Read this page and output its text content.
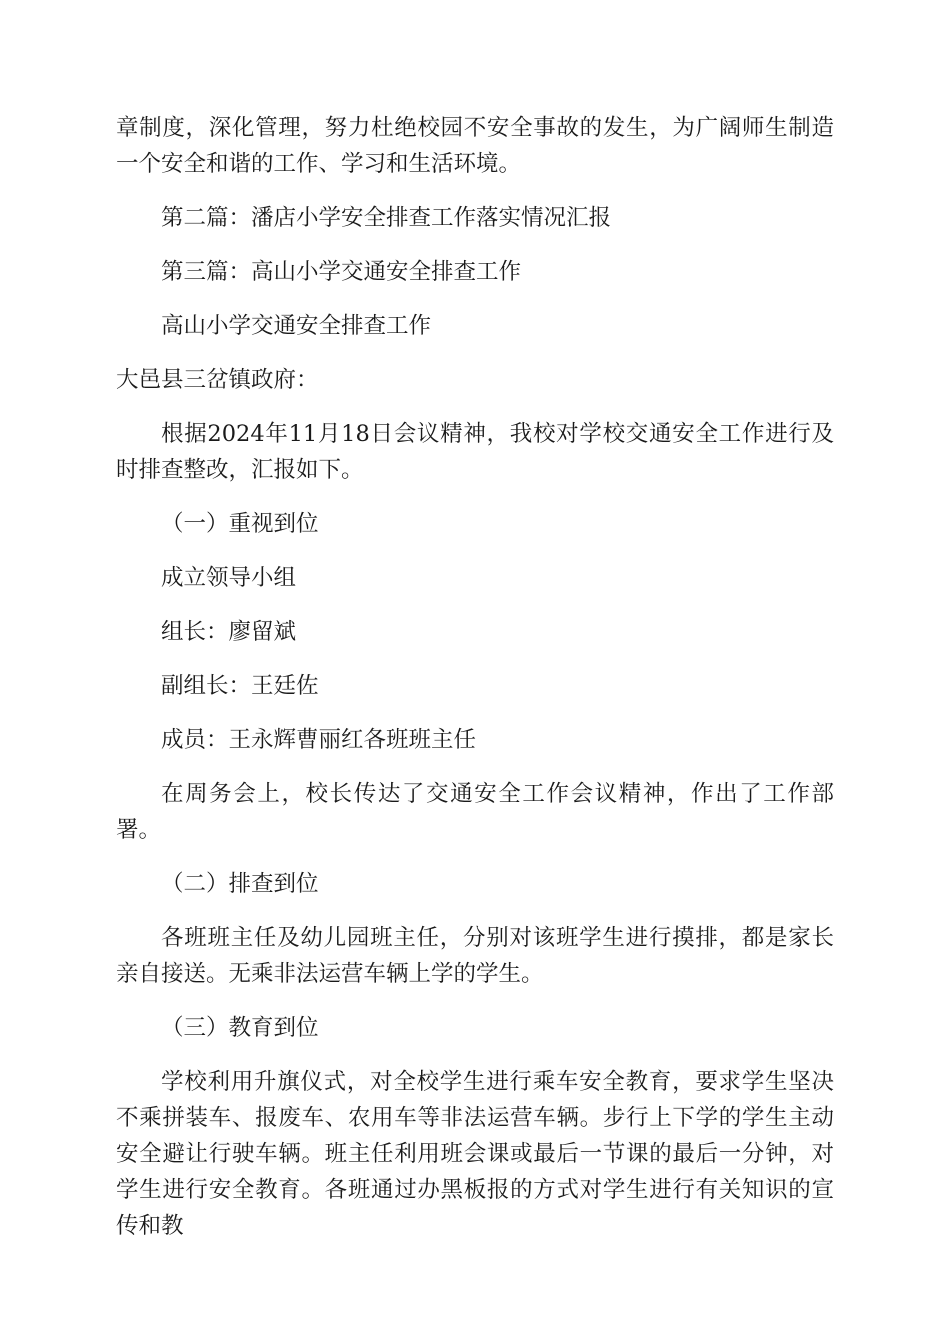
章制度，深化管理，努力杜绝校园不安全事故的发生，为广阔师生制造一个安全和谐的工作、学习和生活环境。

第二篇：潘店小学安全排查工作落实情况汇报

第三篇：高山小学交通安全排查工作

高山小学交通安全排查工作

大邑县三岔镇政府：

根据2024年11月18日会议精神，我校对学校交通安全工作进行及时排查整改，汇报如下。

（一）重视到位

成立领导小组

组长：廖留斌

副组长：王廷佐

成员：王永辉曹丽红各班班主任

在周务会上，校长传达了交通安全工作会议精神，作出了工作部署。

（二）排查到位

各班班主任及幼儿园班主任，分别对该班学生进行摸排，都是家长亲自接送。无乘非法运营车辆上学的学生。

（三）教育到位

学校利用升旗仪式，对全校学生进行乘车安全教育，要求学生坚决不乘拼装车、报废车、农用车等非法运营车辆。步行上下学的学生主动安全避让行驶车辆。班主任利用班会课或最后一节课的最后一分钟，对学生进行安全教育。各班通过办黑板报的方式对学生进行有关知识的宣传和教
